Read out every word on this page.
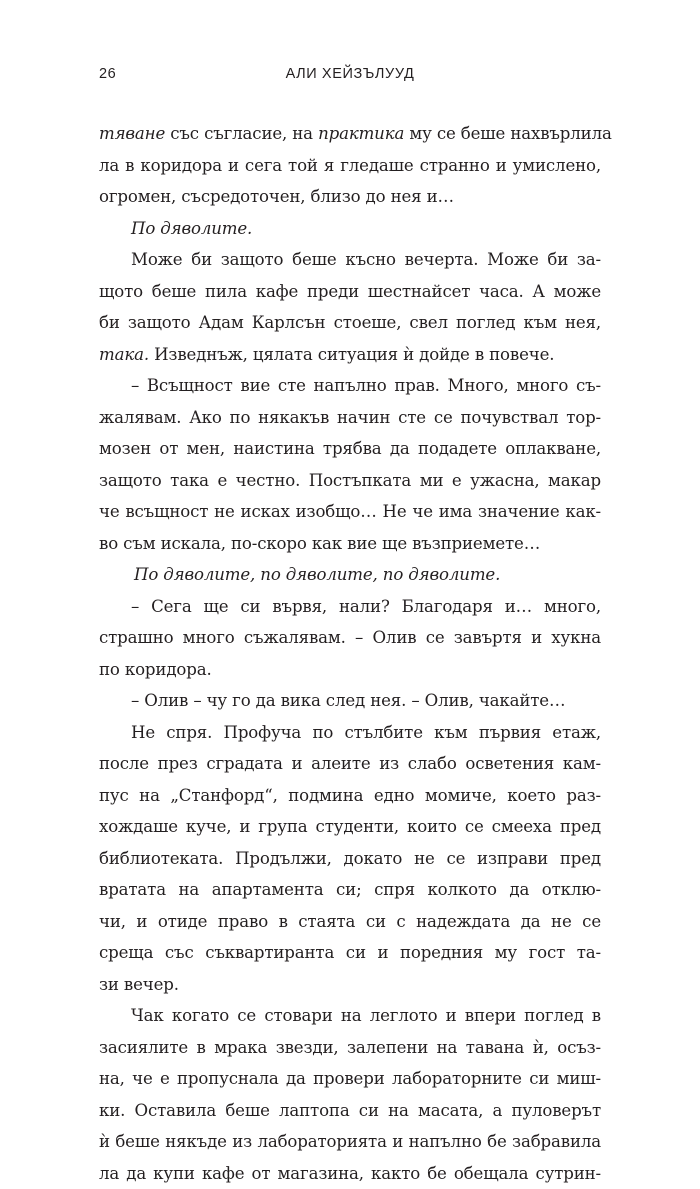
26	АЛИ ХЕЙЗЪЛУУД
тяване със съгласие, на практика му се беше нахвърлила
ла в коридора и сега той я гледаше странно и умислено,
огромен, съсредоточен, близо до нея и…
По дяволите.
Може би защото беше късно вечерта. Може би за-
щото беше пила кафе преди шестнайсет часа. А може
би защото Адам Карлсън стоеше, свел поглед към нея,
така. Изведнъж, цялата ситуация ѝ дойде в повече.
– Всъщност вие сте напълно прав. Много, много съ-
жалявам. Ако по някакъв начин сте се почувствал тор-
мозен от мен, наистина трябва да подадете оплакване,
защото така е честно. Постъпката ми е ужасна, макар
че всъщност не исках изобщо… Не че има значение как-
во съм искала, по-скоро как вие ще възприемете…
По дяволите, по дяволите, по дяволите.
– Сега ще си вървя, нали? Благодаря и… много,
страшно много съжалявам. – Олив се завъртя и хукна
по коридора.
– Олив – чу го да вика след нея. – Олив, чакайте…
Не спря. Профуча по стълбите към първия етаж,
после през сградата и алеите из слабо осветения кам-
пус на „Станфорд“, подмина едно момиче, което раз-
хождаше куче, и група студенти, които се смееха пред
библиотеката. Продължи, докато не се изправи пред
вратата на апартамента си; спря колкото да отклю-
чи, и отиде право в стаята си с надеждата да не се
среща със съквартиранта си и поредния му гост та-
зи вечер.
Чак когато се стовари на леглото и впери поглед в
засиялите в мрака звезди, залепени на тавана ѝ, осъз-
на, че е пропуснала да провери лабораторните си миш-
ки. Оставила беше лаптопа си на масата, а пуловерът
ѝ беше някъде из лабораторията и напълно бе забравила
ла да купи кафе от магазина, както бе обещала сутрин-
